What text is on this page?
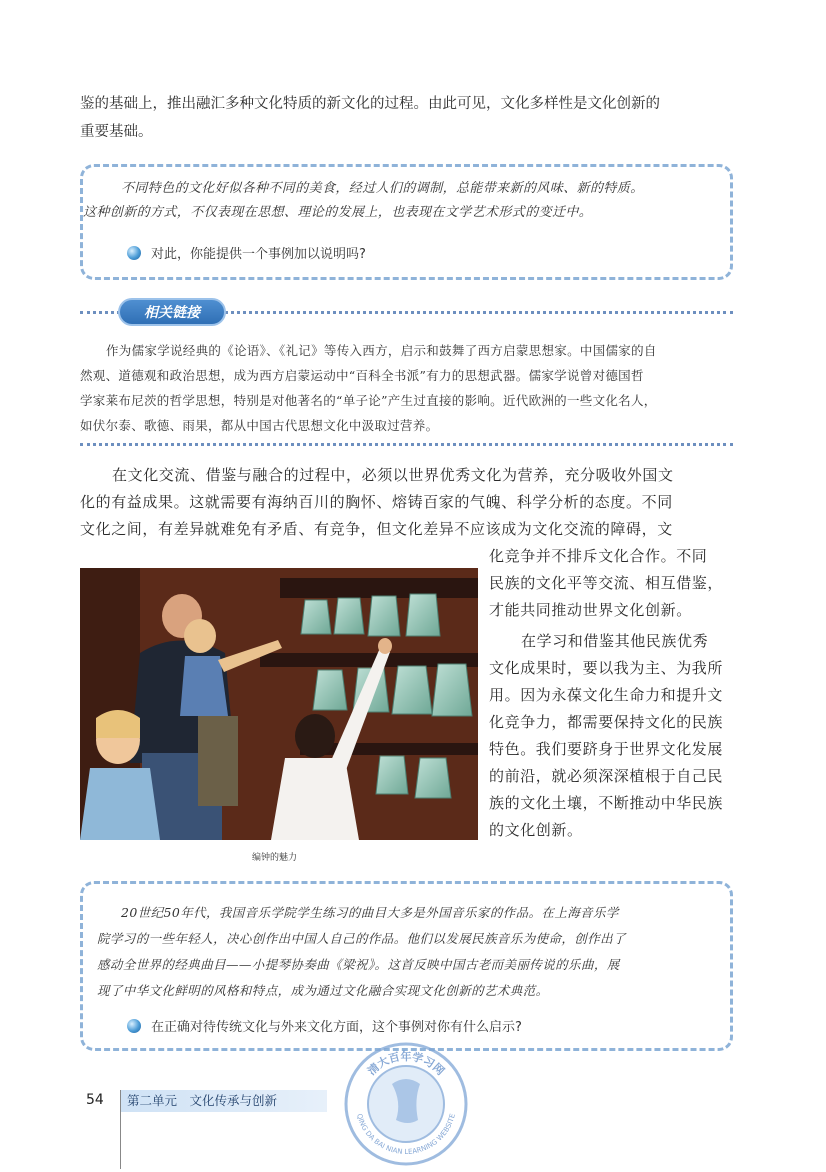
鉴的基础上，推出融汇多种文化特质的新文化的过程。由此可见，文化多样性是文化创新的
重要基础。
不同特色的文化好似各种不同的美食，经过人们的调制，总能带来新的风味、新的特质。
这种创新的方式，不仅表现在思想、理论的发展上，也表现在文学艺术形式的变迁中。
对此，你能提供一个事例加以说明吗?
相关链接
作为儒家学说经典的《论语》、《礼记》等传入西方，启示和鼓舞了西方启蒙思想家。中国儒家的自
然观、道德观和政治思想，成为西方启蒙运动中“百科全书派”有力的思想武器。儒家学说曾对德国哲
学家莱布尼茨的哲学思想，特别是对他著名的“单子论”产生过直接的影响。近代欧洲的一些文化名人，
如伏尔泰、歌德、雨果，都从中国古代思想文化中汲取过营养。
在文化交流、借鉴与融合的过程中，必须以世界优秀文化为营养，充分吸收外国文
化的有益成果。这就需要有海纳百川的胸怀、熔铸百家的气魄、科学分析的态度。不同
文化之间，有差异就难免有矛盾、有竞争，但文化差异不应该成为文化交流的障碍，文
编钟的魅力
化竞争并不排斥文化合作。不同
民族的文化平等交流、相互借鉴，
才能共同推动世界文化创新。
在学习和借鉴其他民族优秀
文化成果时，要以我为主、为我所
用。因为永葆文化生命力和提升文
化竞争力，都需要保持文化的民族
特色。我们要跻身于世界文化发展
的前沿，就必须深深植根于自己民
族的文化土壤，不断推动中华民族
的文化创新。
20世纪50年代，我国音乐学院学生练习的曲目大多是外国音乐家的作品。在上海音乐学
院学习的一些年轻人，决心创作出中国人自己的作品。他们以发展民族音乐为使命，创作出了
感动全世界的经典曲目——小提琴协奏曲《梁祝》。这首反映中国古老而美丽传说的乐曲，展
现了中华文化鲜明的风格和特点，成为通过文化融合实现文化创新的艺术典范。
在正确对待传统文化与外来文化方面，这个事例对你有什么启示?
54	第二单元　文化传承与创新
清大百年学习网
QING DA BAI NIAN LEARNING WEBSITE
